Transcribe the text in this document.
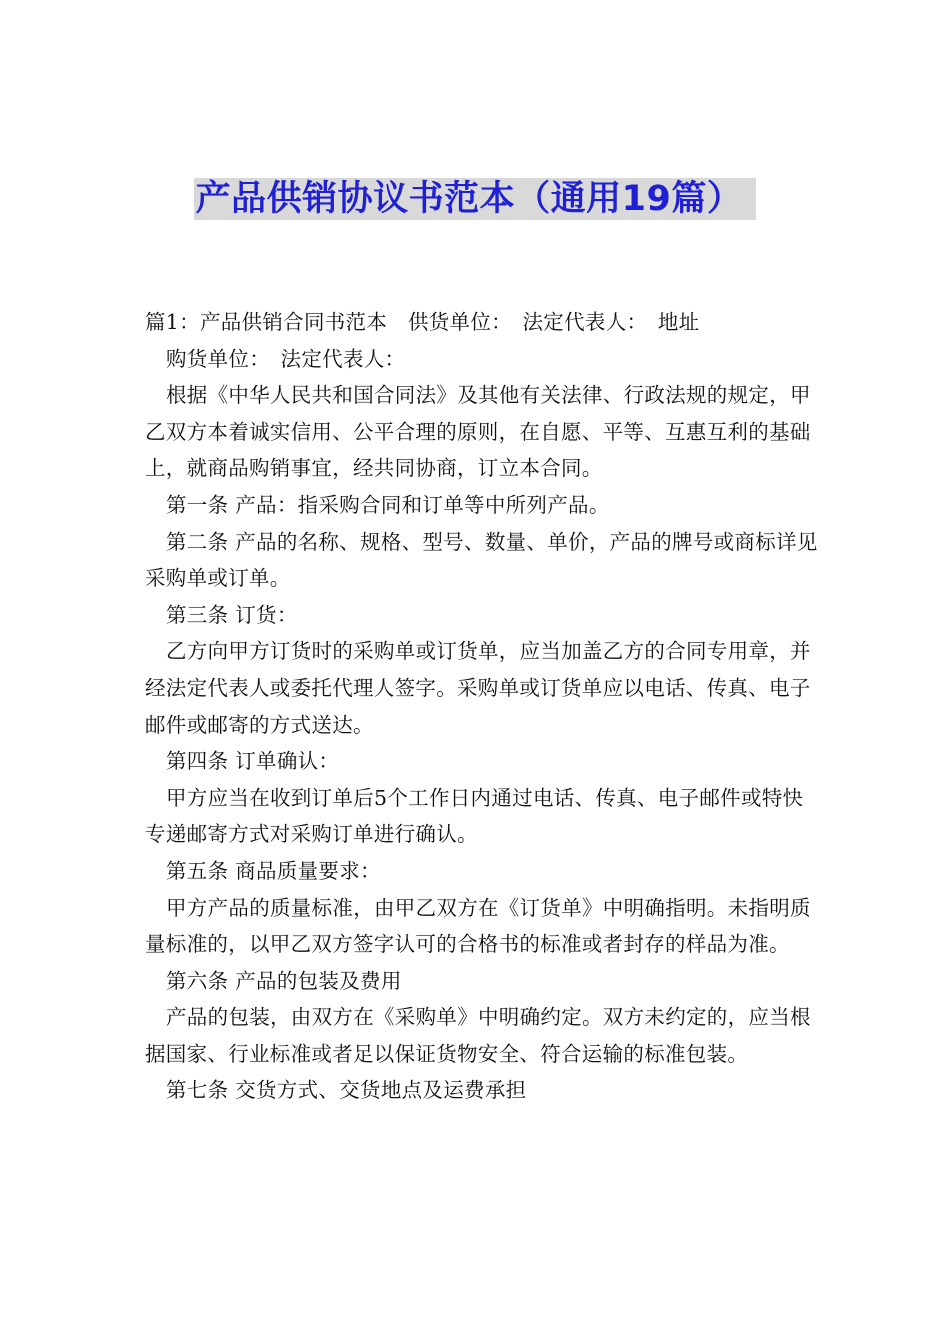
产品供销协议书范本（通用19篇）

篇1：产品供销合同书范本　供货单位：　法定代表人：　地址

购货单位：　法定代表人：

根据《中华人民共和国合同法》及其他有关法律、行政法规的规定，甲乙双方本着诚实信用、公平合理的原则，在自愿、平等、互惠互利的基础上，就商品购销事宜，经共同协商，订立本合同。

第一条 产品：指采购合同和订单等中所列产品。

第二条 产品的名称、规格、型号、数量、单价，产品的牌号或商标详见采购单或订单。

第三条 订货：

乙方向甲方订货时的采购单或订货单，应当加盖乙方的合同专用章，并经法定代表人或委托代理人签字。采购单或订货单应以电话、传真、电子邮件或邮寄的方式送达。

第四条 订单确认：

甲方应当在收到订单后5个工作日内通过电话、传真、电子邮件或特快专递邮寄方式对采购订单进行确认。

第五条 商品质量要求：

甲方产品的质量标准，由甲乙双方在《订货单》中明确指明。未指明质量标准的，以甲乙双方签字认可的合格书的标准或者封存的样品为准。

第六条 产品的包装及费用

产品的包装，由双方在《采购单》中明确约定。双方未约定的，应当根据国家、行业标准或者足以保证货物安全、符合运输的标准包装。

第七条 交货方式、交货地点及运费承担
